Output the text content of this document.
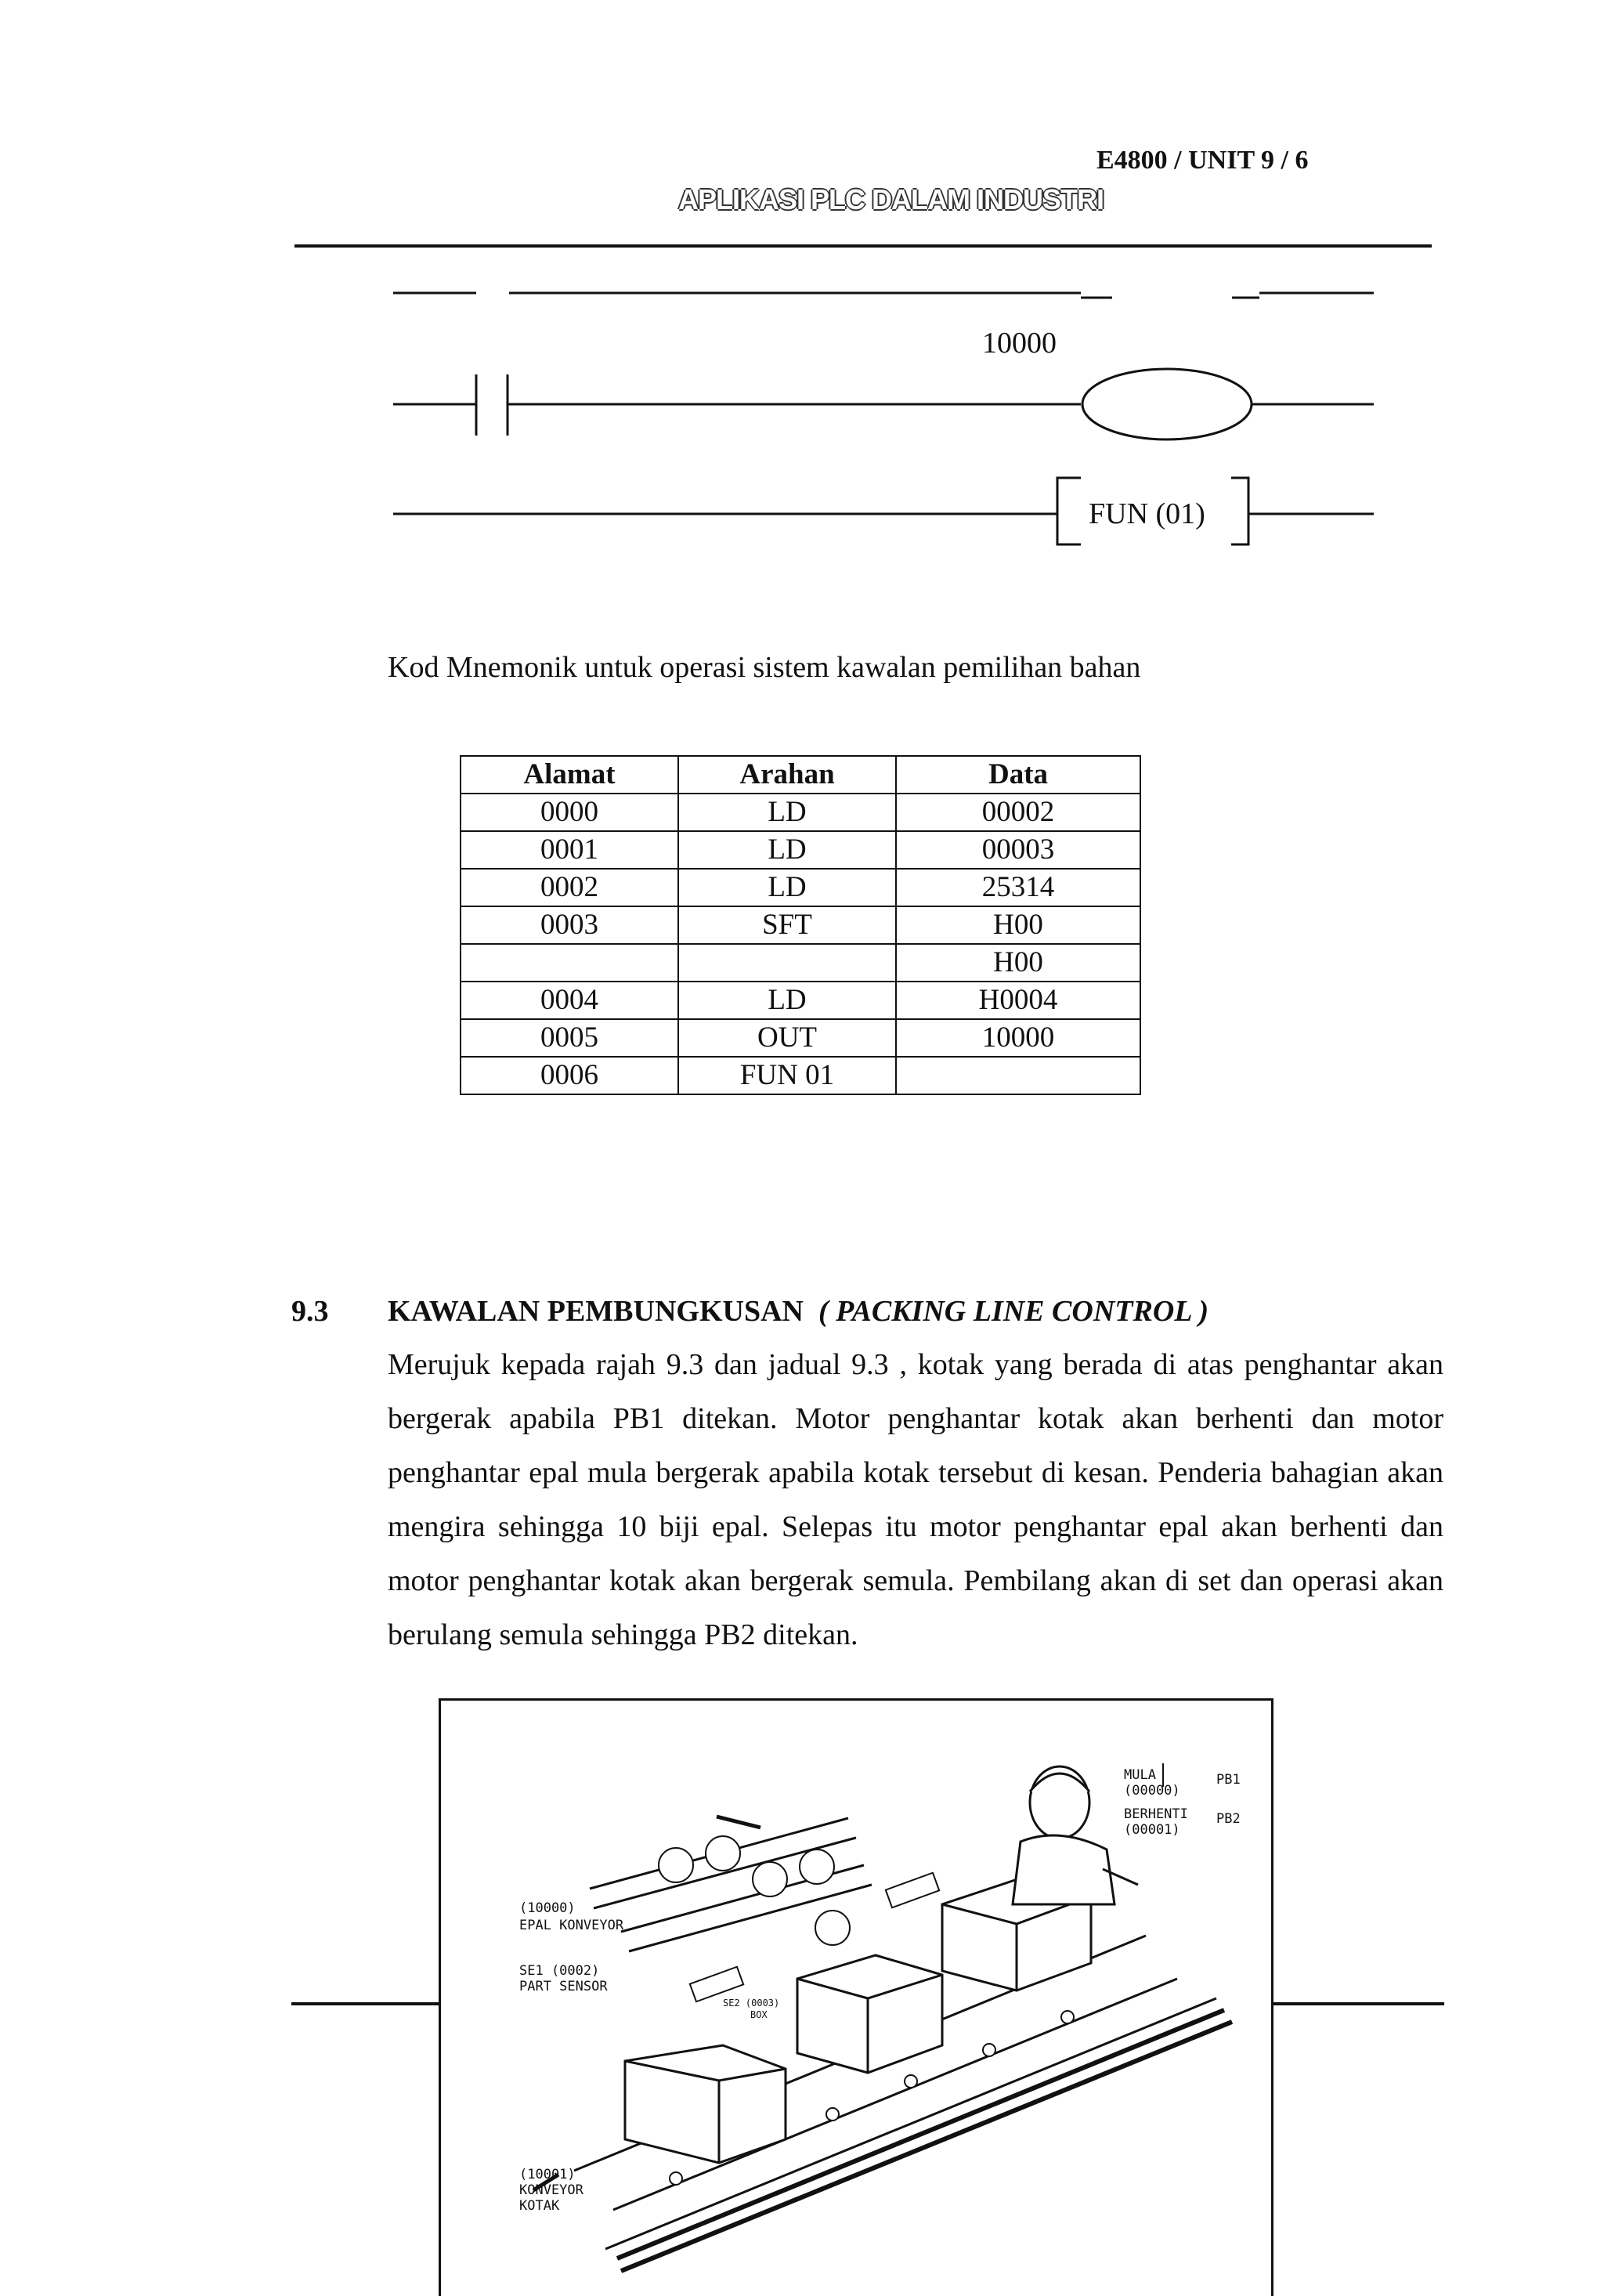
E4800 / UNIT 9 / 6
APLIKASI PLC DALAM INDUSTRI
10000
FUN (01)
Kod Mnemonik untuk operasi sistem kawalan pemilihan bahan
Alamat	Arahan	Data
0000	LD	00002
0001	LD	00003
0002	LD	25314
0003	SFT	H00
		H00
0004	LD	H0004
0005	OUT	10000
0006	FUN 01	
9.3 KAWALAN PEMBUNGKUSAN ( PACKING LINE CONTROL )
Merujuk kepada rajah 9.3 dan jadual 9.3 , kotak yang berada di atas penghantar akan bergerak apabila PB1 ditekan. Motor penghantar kotak akan berhenti dan motor penghantar epal mula bergerak apabila kotak tersebut di kesan. Penderia bahagian akan mengira sehingga 10 biji epal. Selepas itu motor penghantar epal akan berhenti dan motor penghantar kotak akan bergerak semula. Pembilang akan di set dan operasi akan berulang semula sehingga PB2 ditekan.
MULA
(00000)
PB1
BERHENTI
(00001)
PB2
(10000)
EPAL KONVEYOR
SE1 (0002)
PART SENSOR
SE2 (0003)
BOX
(10001)
KONVEYOR
KOTAK
